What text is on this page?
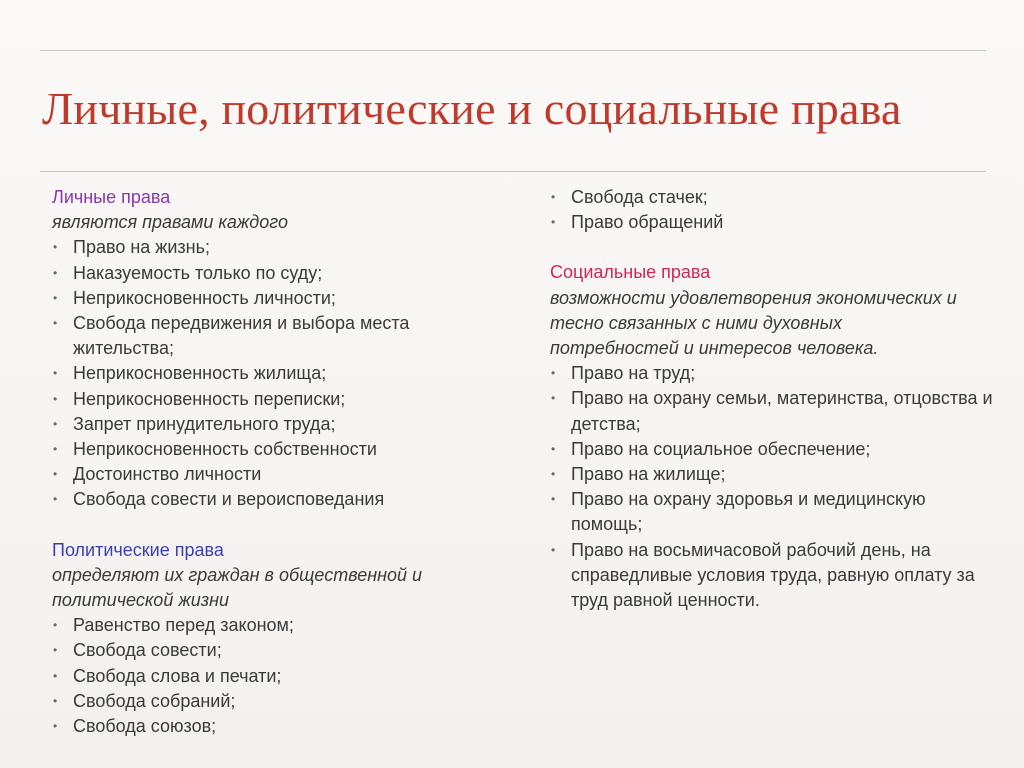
Личные, политические и социальные права

Личные права

являются правами каждого

• Право на жизнь;
• Наказуемость только по суду;
• Неприкосновенность личности;
• Свобода передвижения и выбора места жительства;
• Неприкосновенность жилища;
• Неприкосновенность переписки;
• Запрет принудительного труда;
• Неприкосновенность собственности
• Достоинство личности
• Свобода совести и вероисповедания

Политические права

определяют их граждан в общественной и политической жизни

• Равенство перед законом;
• Свобода совести;
• Свобода слова и печати;
• Свобода собраний;
• Свобода союзов;
• Свобода стачек;
• Право обращений

Социальные права

возможности удовлетворения экономических и тесно связанных с ними духовных потребностей и интересов человека.

• Право на труд;
• Право на охрану семьи, материнства, отцовства и детства;
• Право на социальное обеспечение;
• Право на жилище;
• Право на охрану здоровья и медицинскую помощь;
• Право на восьмичасовой рабочий день, на справедливые условия труда, равную оплату за труд равной ценности.
